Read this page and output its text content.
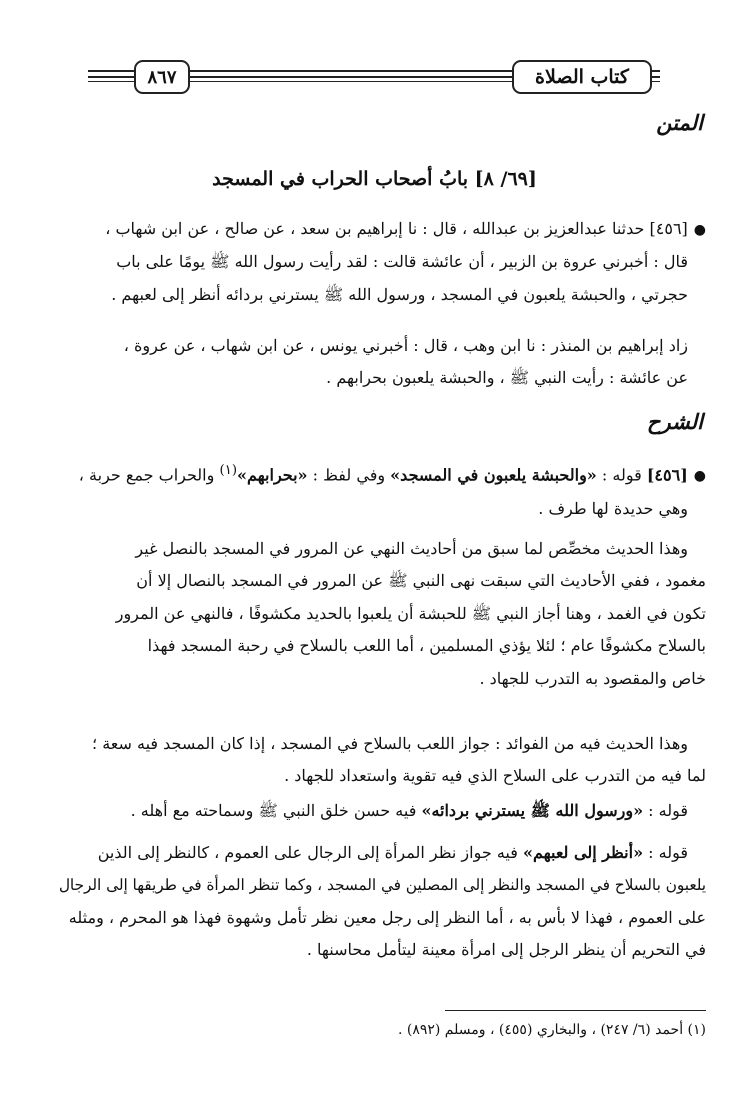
كتاب الصلاة
٨٦٧
المتن
[٦٩/ ٨] بابُ أصحاب الحراب في المسجد
●[٤٥٦] حدثنا عبدالعزيز بن عبدالله ، قال : نا إبراهيم بن سعد ، عن صالح ، عن ابن شهاب ،
قال : أخبرني عروة بن الزبير ، أن عائشة قالت : لقد رأيت رسول الله ﷺ يومًا على باب
حجرتي ، والحبشة يلعبون في المسجد ، ورسول الله ﷺ يسترني بردائه أنظر إلى لعبهم .
زاد إبراهيم بن المنذر : نا ابن وهب ، قال : أخبرني يونس ، عن ابن شهاب ، عن عروة ،
عن عائشة : رأيت النبي ﷺ ، والحبشة يلعبون بحرابهم .
الشرح
●[٤٥٦] قوله : «والحبشة يلعبون في المسجد» وفي لفظ : «بحرابهم»$^{(١)}$ والحراب جمع حربة ،
وهي حديدة لها طرف .
وهذا الحديث مخصِّص لما سبق من أحاديث النهي عن المرور في المسجد بالنصل غير
مغمود ، ففي الأحاديث التي سبقت نهى النبي ﷺ عن المرور في المسجد بالنصال إلا أن
تكون في الغمد ، وهنا أجاز النبي ﷺ للحبشة أن يلعبوا بالحديد مكشوفًا ، فالنهي عن المرور
بالسلاح مكشوفًا عام ؛ لئلا يؤذي المسلمين ، أما اللعب بالسلاح في رحبة المسجد فهذا
خاص والمقصود به التدرب للجهاد .
وهذا الحديث فيه من الفوائد : جواز اللعب بالسلاح في المسجد ، إذا كان المسجد فيه سعة ؛
لما فيه من التدرب على السلاح الذي فيه تقوية واستعداد للجهاد .
قوله : «ورسول الله ﷺ يسترني بردائه» فيه حسن خلق النبي ﷺ وسماحته مع أهله .
قوله : «أنظر إلى لعبهم» فيه جواز نظر المرأة إلى الرجال على العموم ، كالنظر إلى الذين
يلعبون بالسلاح في المسجد والنظر إلى المصلين في المسجد ، وكما تنظر المرأة في طريقها إلى الرجال
على العموم ، فهذا لا بأس به ، أما النظر إلى رجل معين نظر تأمل وشهوة فهذا هو المحرم ، ومثله
في التحريم أن ينظر الرجل إلى امرأة معينة ليتأمل محاسنها .
(١) أحمد (٦/ ٢٤٧) ، والبخاري (٤٥٥) ، ومسلم (٨٩٢) .
